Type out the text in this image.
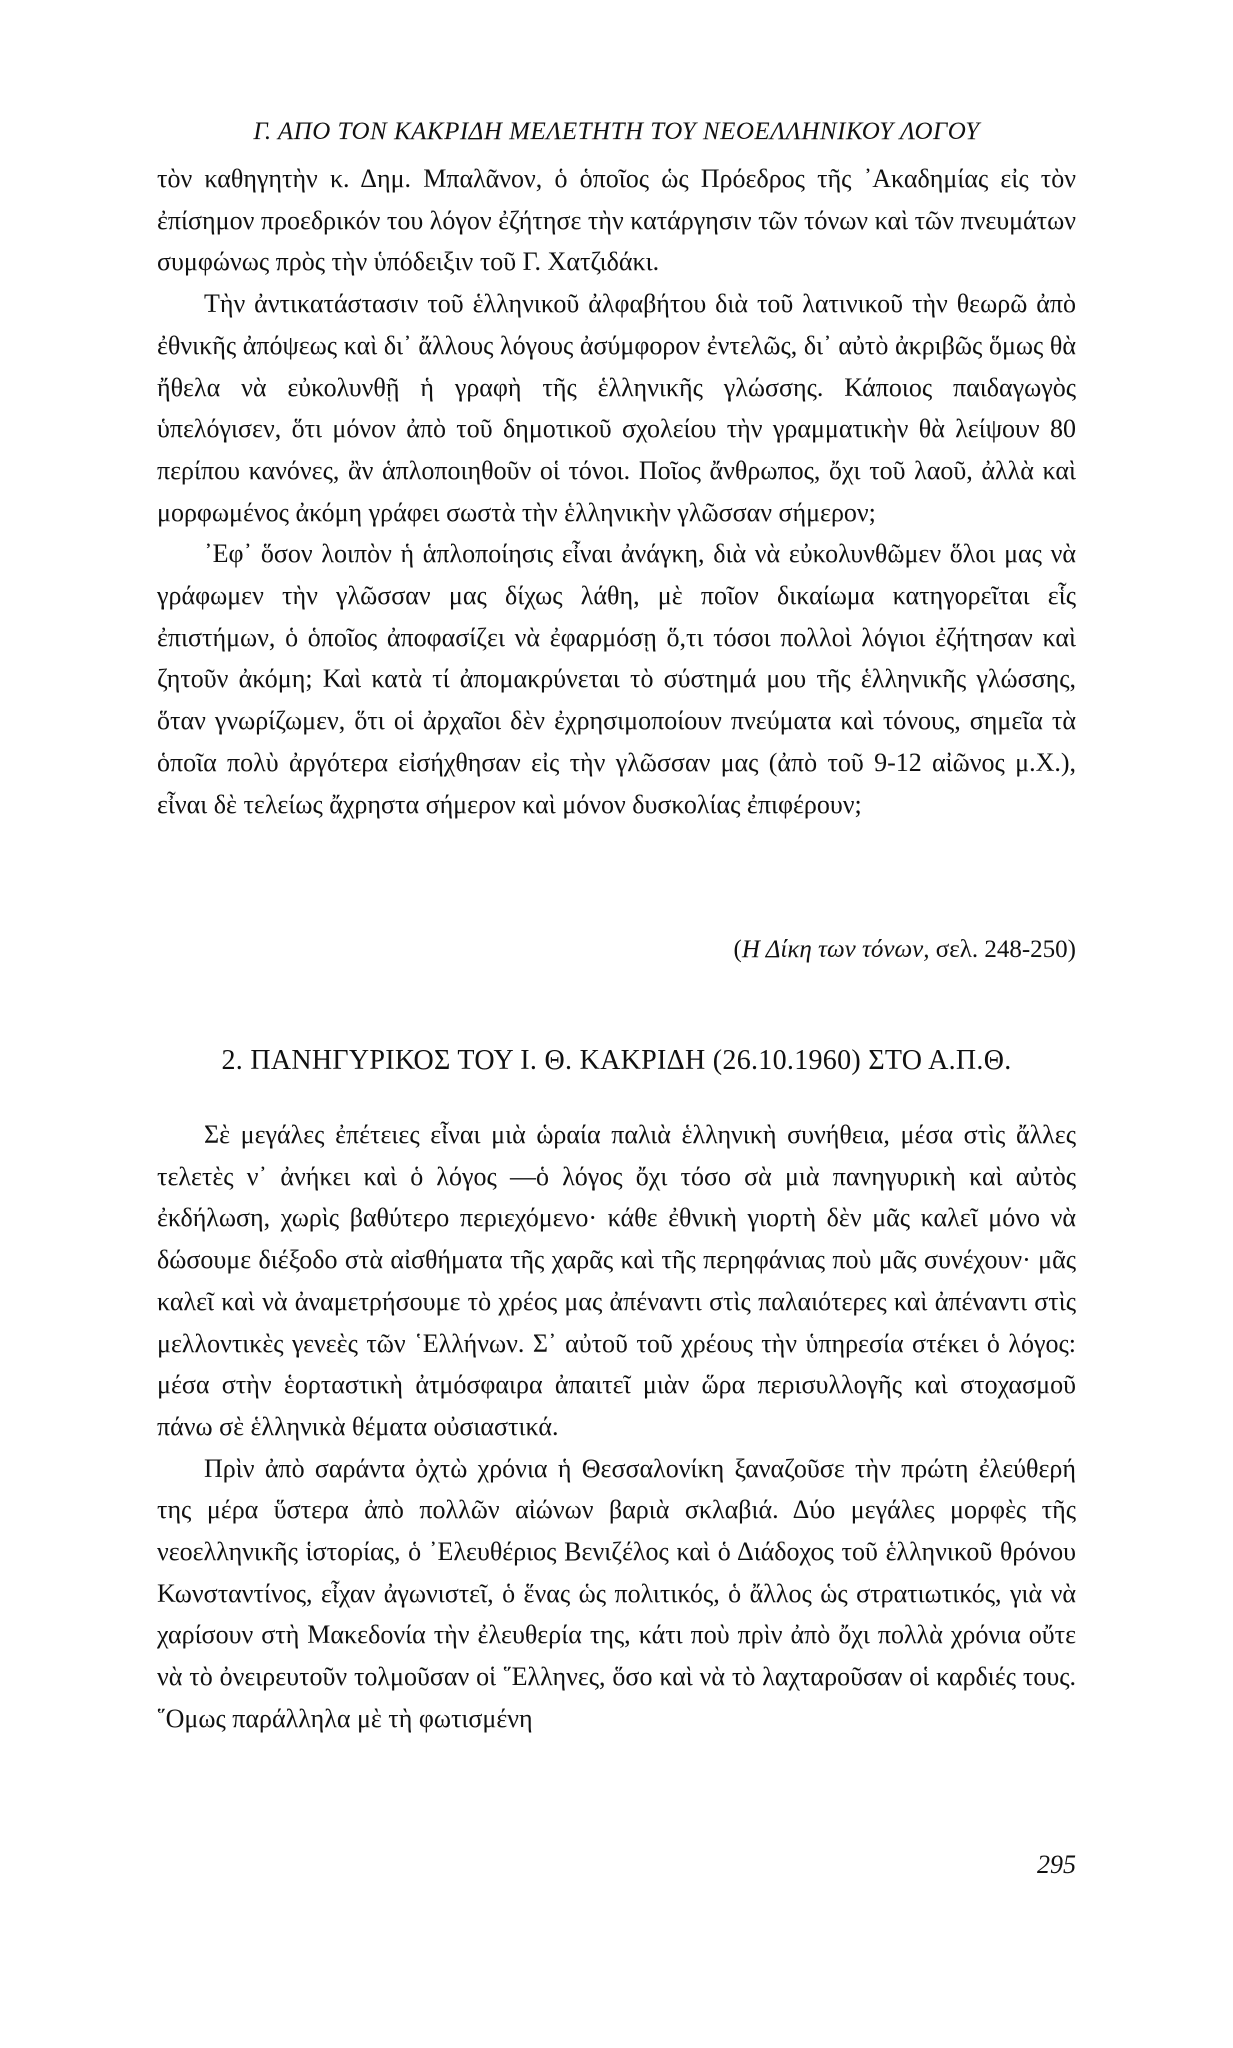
Γ. ΑΠΟ ΤΟΝ ΚΑΚΡΙΔΗ ΜΕΛΕΤΗΤΗ ΤΟΥ ΝΕΟΕΛΛΗΝΙΚΟΥ ΛΟΓΟΥ

τὸν καθηγητὴν κ. Δημ. Μπαλᾶνον, ὁ ὁποῖος ὡς Πρόεδρος τῆς ᾿Ακαδημίας εἰς τὸν ἐπίσημον προεδρικόν του λόγον ἐζήτησε τὴν κατάργησιν τῶν τόνων καὶ τῶν πνευμάτων συμφώνως πρὸς τὴν ὑπόδειξιν τοῦ Γ. Χατζιδάκι.

Τὴν ἀντικατάστασιν τοῦ ἑλληνικοῦ ἀλφαβήτου διὰ τοῦ λατινικοῦ τὴν θεωρῶ ἀπὸ ἐθνικῆς ἀπόψεως καὶ δι᾿ ἄλλους λόγους ἀσύμφορον ἐντελῶς, δι᾿ αὐτὸ ἀκριβῶς ὅμως θὰ ἤθελα νὰ εὐκολυνθῇ ἡ γραφὴ τῆς ἑλληνικῆς γλώσσης. Κάποιος παιδαγωγὸς ὑπελόγισεν, ὅτι μόνον ἀπὸ τοῦ δημοτικοῦ σχολείου τὴν γραμματικὴν θὰ λείψουν 80 περίπου κανόνες, ἂν ἁπλοποιηθοῦν οἱ τόνοι. Ποῖος ἄνθρωπος, ὄχι τοῦ λαοῦ, ἀλλὰ καὶ μορφωμένος ἀκόμη γράφει σωστὰ τὴν ἑλληνικὴν γλῶσσαν σήμερον;

᾿Εφ᾿ ὅσον λοιπὸν ἡ ἁπλοποίησις εἶναι ἀνάγκη, διὰ νὰ εὐκολυνθῶμεν ὅλοι μας νὰ γράφωμεν τὴν γλῶσσαν μας δίχως λάθη, μὲ ποῖον δικαίωμα κατηγορεῖται εἷς ἐπιστήμων, ὁ ὁποῖος ἀποφασίζει νὰ ἐφαρμόσῃ ὅ,τι τόσοι πολλοὶ λόγιοι ἐζήτησαν καὶ ζητοῦν ἀκόμη; Καὶ κατὰ τί ἀπομακρύνεται τὸ σύστημά μου τῆς ἑλληνικῆς γλώσσης, ὅταν γνωρίζωμεν, ὅτι οἱ ἀρχαῖοι δὲν ἐχρησιμοποίουν πνεύματα καὶ τόνους, σημεῖα τὰ ὁποῖα πολὺ ἀργότερα εἰσήχθησαν εἰς τὴν γλῶσσαν μας (ἀπὸ τοῦ 9-12 αἰῶνος μ.Χ.), εἶναι δὲ τελείως ἄχρηστα σήμερον καὶ μόνον δυσκολίας ἐπιφέρουν;

(Η Δίκη των τόνων, σελ. 248-250)
2. ΠΑΝΗΓΥΡΙΚΟΣ ΤΟΥ Ι. Θ. ΚΑΚΡΙΔΗ (26.10.1960) ΣΤΟ Α.Π.Θ.

Σὲ μεγάλες ἐπέτειες εἶναι μιὰ ὡραία παλιὰ ἑλληνικὴ συνήθεια, μέσα στὶς ἄλλες τελετὲς ν᾿ ἀνήκει καὶ ὁ λόγος —ὁ λόγος ὄχι τόσο σὰ μιὰ πανηγυρικὴ καὶ αὐτὸς ἐκδήλωση, χωρὶς βαθύτερο περιεχόμενο· κάθε ἐθνικὴ γιορτὴ δὲν μᾶς καλεῖ μόνο νὰ δώσουμε διέξοδο στὰ αἰσθήματα τῆς χαρᾶς καὶ τῆς περηφάνιας ποὺ μᾶς συνέχουν· μᾶς καλεῖ καὶ νὰ ἀναμετρήσουμε τὸ χρέος μας ἀπέναντι στὶς παλαιότερες καὶ ἀπέναντι στὶς μελλοντικὲς γενεὲς τῶν ῾Ελλήνων. Σ᾿ αὐτοῦ τοῦ χρέους τὴν ὑπηρεσία στέκει ὁ λόγος: μέσα στὴν ἑορταστικὴ ἀτμόσφαιρα ἀπαιτεῖ μιὰν ὥρα περισυλλογῆς καὶ στοχασμοῦ πάνω σὲ ἑλληνικὰ θέματα οὐσιαστικά.

Πρὶν ἀπὸ σαράντα ὀχτὼ χρόνια ἡ Θεσσαλονίκη ξαναζοῦσε τὴν πρώτη ἐλεύθερή της μέρα ὕστερα ἀπὸ πολλῶν αἰώνων βαριὰ σκλαβιά. Δύο μεγάλες μορφὲς τῆς νεοελληνικῆς ἱστορίας, ὁ ᾿Ελευθέριος Βενιζέλος καὶ ὁ Διάδοχος τοῦ ἑλληνικοῦ θρόνου Κωνσταντίνος, εἶχαν ἀγωνιστεῖ, ὁ ἕνας ὡς πολιτικός, ὁ ἄλλος ὡς στρατιωτικός, γιὰ νὰ χαρίσουν στὴ Μακεδονία τὴν ἐλευθερία της, κάτι ποὺ πρὶν ἀπὸ ὄχι πολλὰ χρόνια οὔτε νὰ τὸ ὀνειρευτοῦν τολμοῦσαν οἱ ῞Ελληνες, ὅσο καὶ νὰ τὸ λαχταροῦσαν οἱ καρδιές τους. ῞Ομως παράλληλα μὲ τὴ φωτισμένη

295
